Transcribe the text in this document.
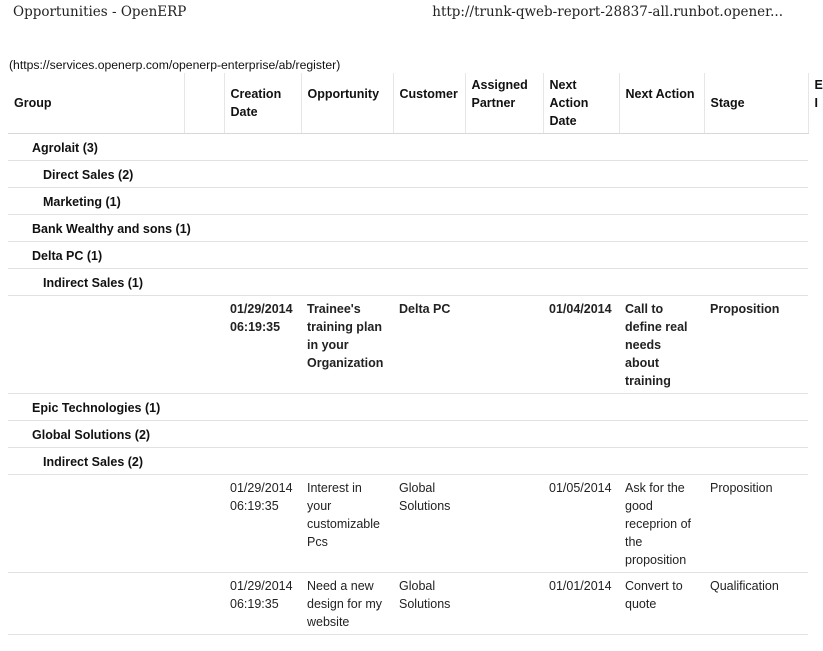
Opportunities - OpenERP	http://trunk-qweb-report-28837-all.runbot.opener...
(https://services.openerp.com/openerp-enterprise/ab/register)
Group		Creation Date	Opportunity	Customer	Assigned Partner	Next Action Date	Next Action	Stage	E I
Agrolait (3)									
Direct Sales (2)									
Marketing (1)									
Bank Wealthy and sons (1)									
Delta PC (1)									
Indirect Sales (1)									
		01/29/2014 06:19:35	Trainee's training plan in your Organization	Delta PC		01/04/2014	Call to define real needs about training	Proposition	
Epic Technologies (1)									
Global Solutions (2)									
Indirect Sales (2)									
		01/29/2014 06:19:35	Interest in your customizable Pcs	Global Solutions		01/05/2014	Ask for the good receprion of the proposition	Proposition	
		01/29/2014 06:19:35	Need a new design for my website	Global Solutions		01/01/2014	Convert to quote	Qualification	
